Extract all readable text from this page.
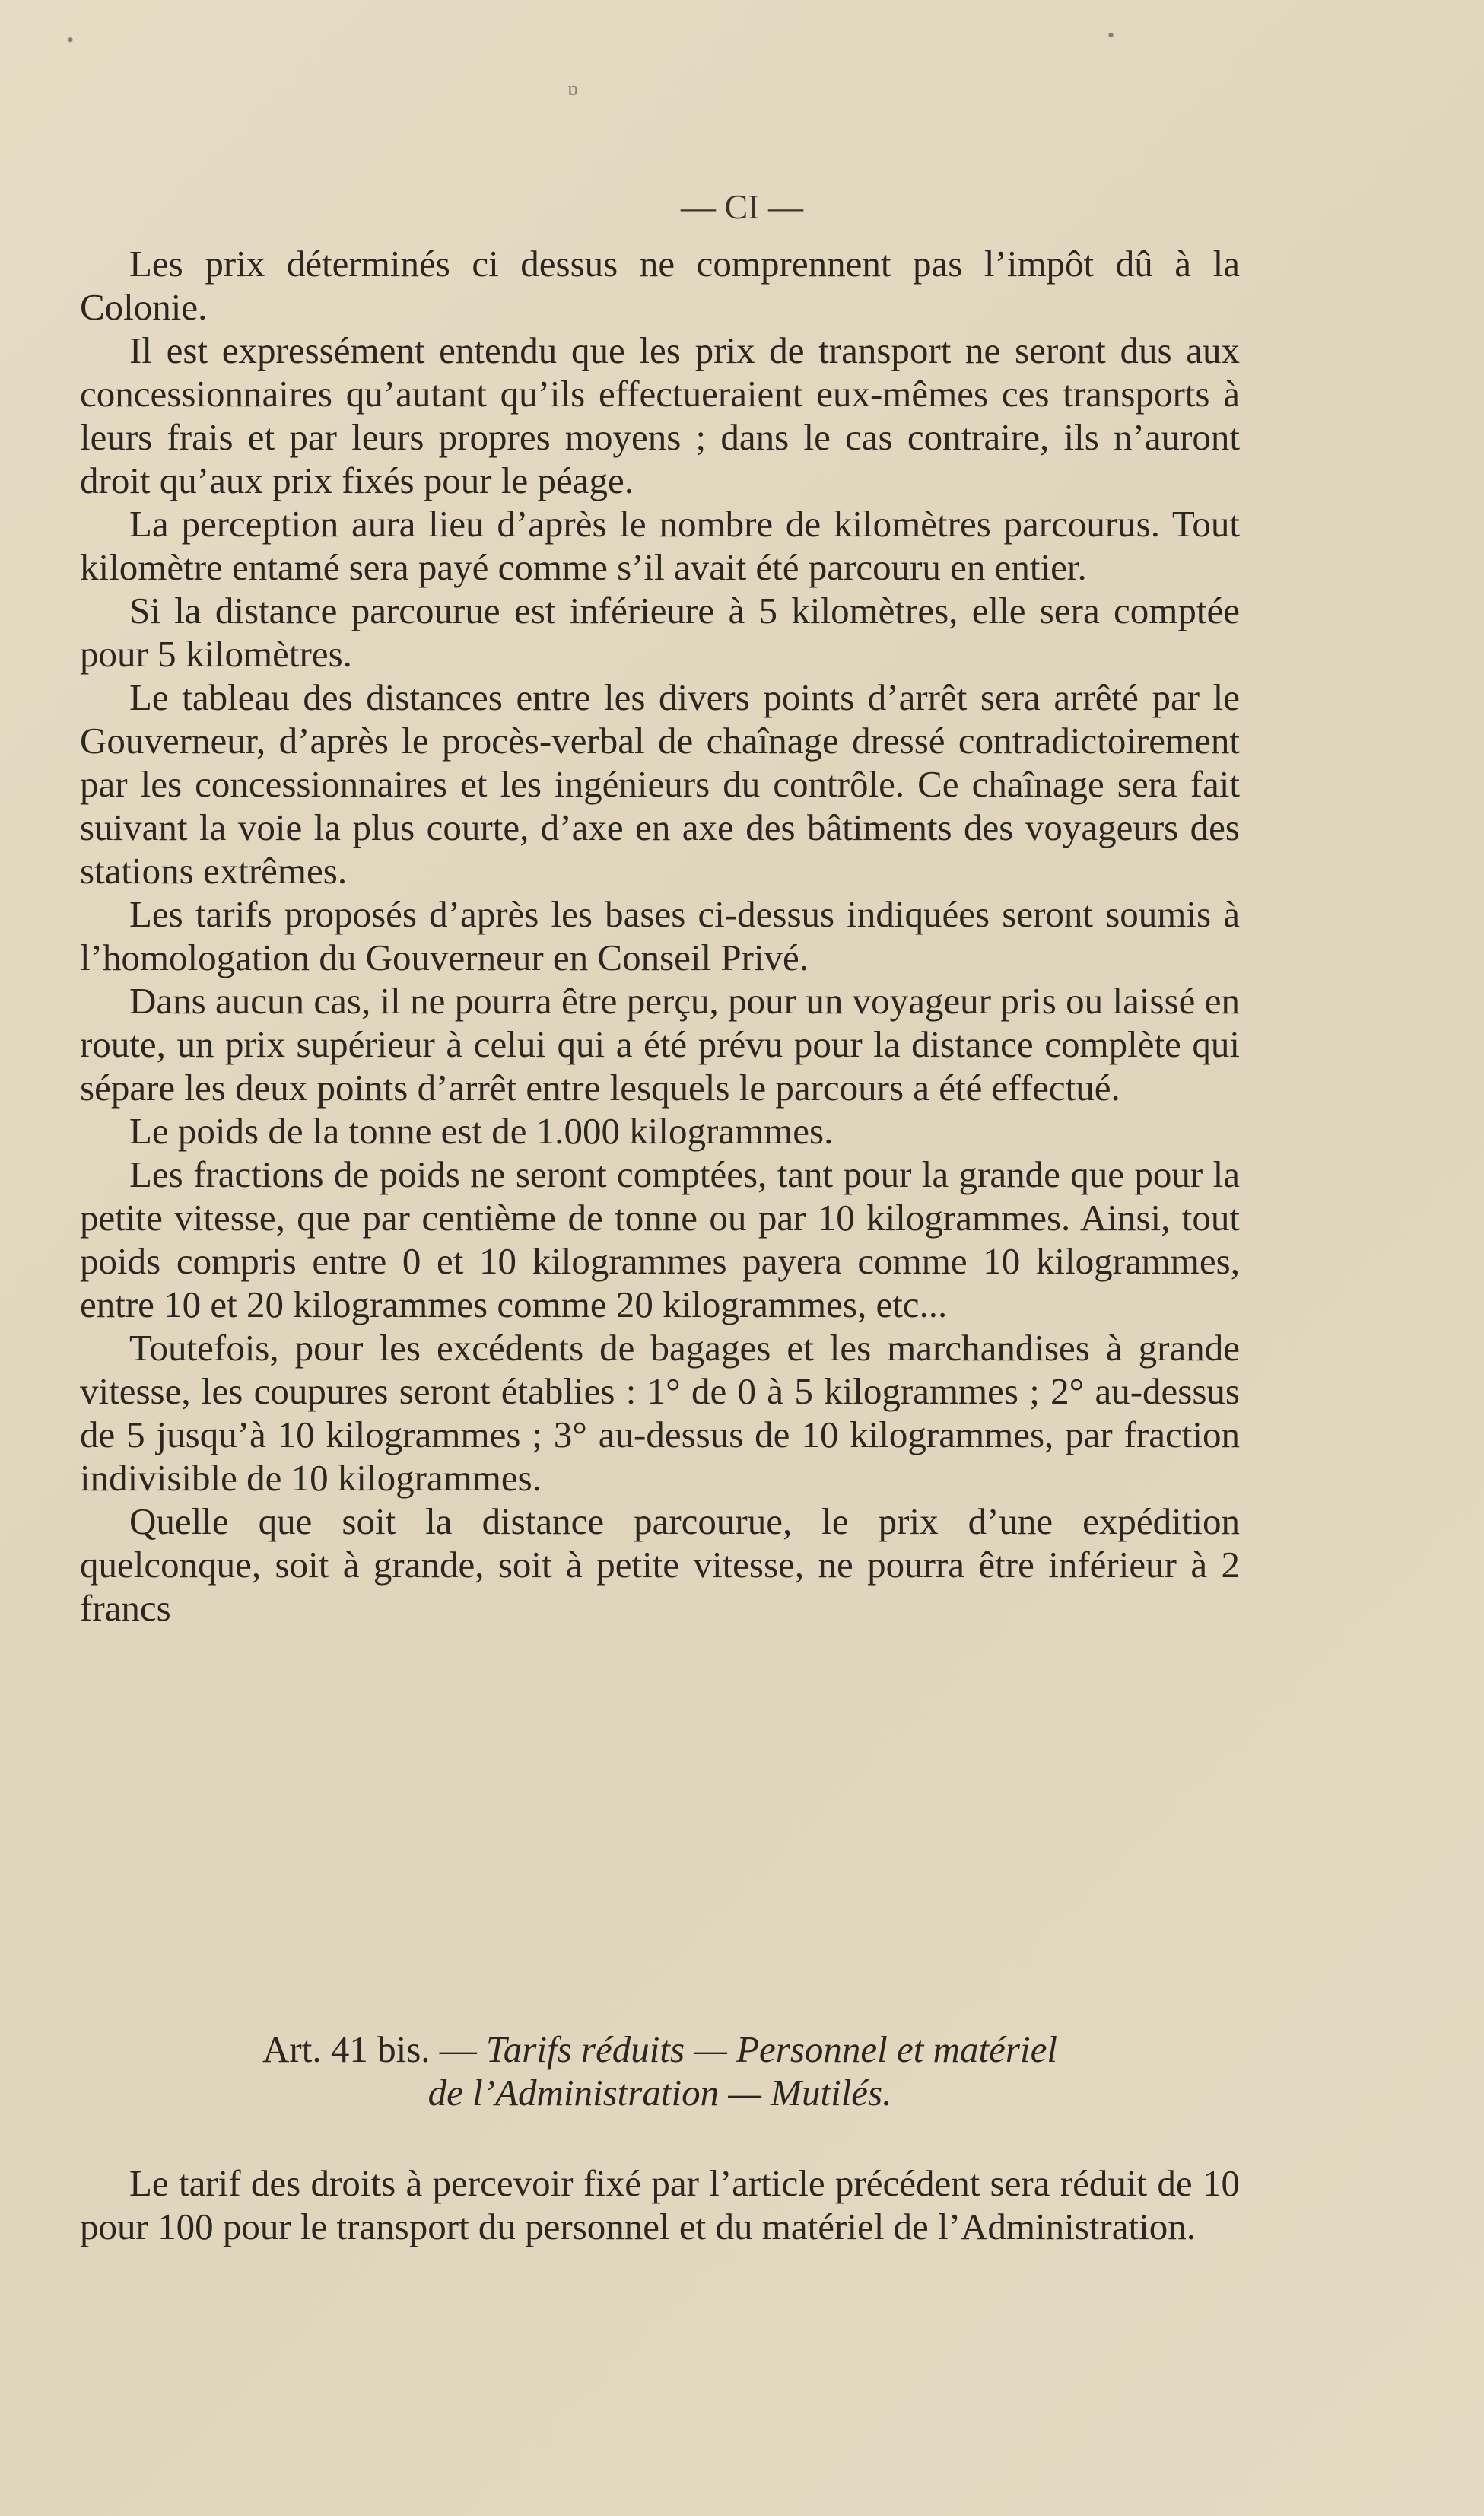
•	•
ɒ
— CI —

Les prix déterminés ci dessus ne comprennent pas l’impôt dû à la Colonie.

Il est expressément entendu que les prix de transport ne seront dus aux concessionnaires qu’autant qu’ils effectueraient eux-mêmes ces transports à leurs frais et par leurs propres moyens ; dans le cas contraire, ils n’auront droit qu’aux prix fixés pour le péage.

La perception aura lieu d’après le nombre de kilomètres parcourus. Tout kilomètre entamé sera payé comme s’il avait été parcouru en entier.

Si la distance parcourue est inférieure à 5 kilomètres, elle sera comptée pour 5 kilomètres.

Le tableau des distances entre les divers points d’arrêt sera arrêté par le Gouverneur, d’après le procès-verbal de chaînage dressé contradictoirement par les concessionnaires et les ingénieurs du contrôle. Ce chaînage sera fait suivant la voie la plus courte, d’axe en axe des bâtiments des voyageurs des stations extrêmes.

Les tarifs proposés d’après les bases ci-dessus indiquées seront soumis à l’homologation du Gouverneur en Conseil Privé.

Dans aucun cas, il ne pourra être perçu, pour un voyageur pris ou laissé en route, un prix supérieur à celui qui a été prévu pour la distance complète qui sépare les deux points d’arrêt entre lesquels le parcours a été effectué.

Le poids de la tonne est de 1.000 kilogrammes.

Les fractions de poids ne seront comptées, tant pour la grande que pour la petite vitesse, que par centième de tonne ou par 10 kilogrammes. Ainsi, tout poids compris entre 0 et 10 kilogrammes payera comme 10 kilogrammes, entre 10 et 20 kilogrammes comme 20 kilogrammes, etc...

Toutefois, pour les excédents de bagages et les marchandises à grande vitesse, les coupures seront établies : 1° de 0 à 5 kilogrammes ; 2° au-dessus de 5 jusqu’à 10 kilogrammes ; 3° au-dessus de 10 kilogrammes, par fraction indivisible de 10 kilogrammes.

Quelle que soit la distance parcourue, le prix d’une expédition quelconque, soit à grande, soit à petite vitesse, ne pourra être inférieur à 2 francs

Art. 41 bis. — Tarifs réduits — Personnel et matériel

de l’Administration — Mutilés.

Le tarif des droits à percevoir fixé par l’article précédent sera réduit de 10 pour 100 pour le transport du personnel et du matériel de l’Administration.
